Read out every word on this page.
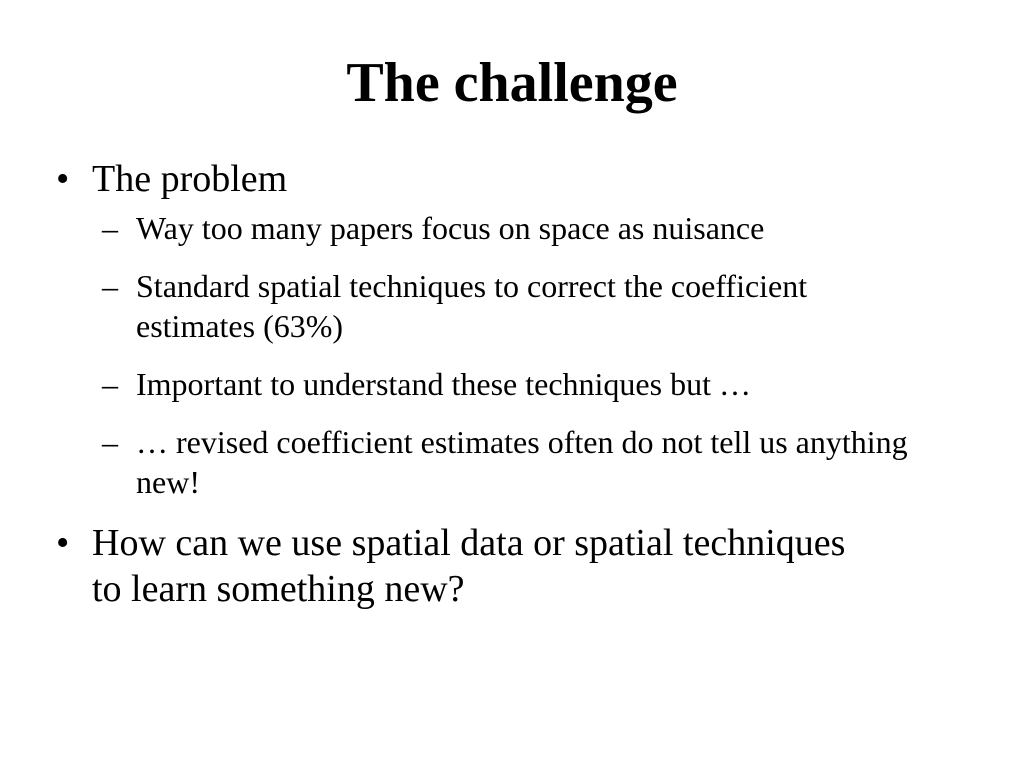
The challenge
• The problem
– Way too many papers focus on space as nuisance
– Standard spatial techniques to correct the coefficient estimates (63%)
– Important to understand these techniques but …
– … revised coefficient estimates often do not tell us anything new!
• How can we use spatial data or spatial techniques to learn something new?
